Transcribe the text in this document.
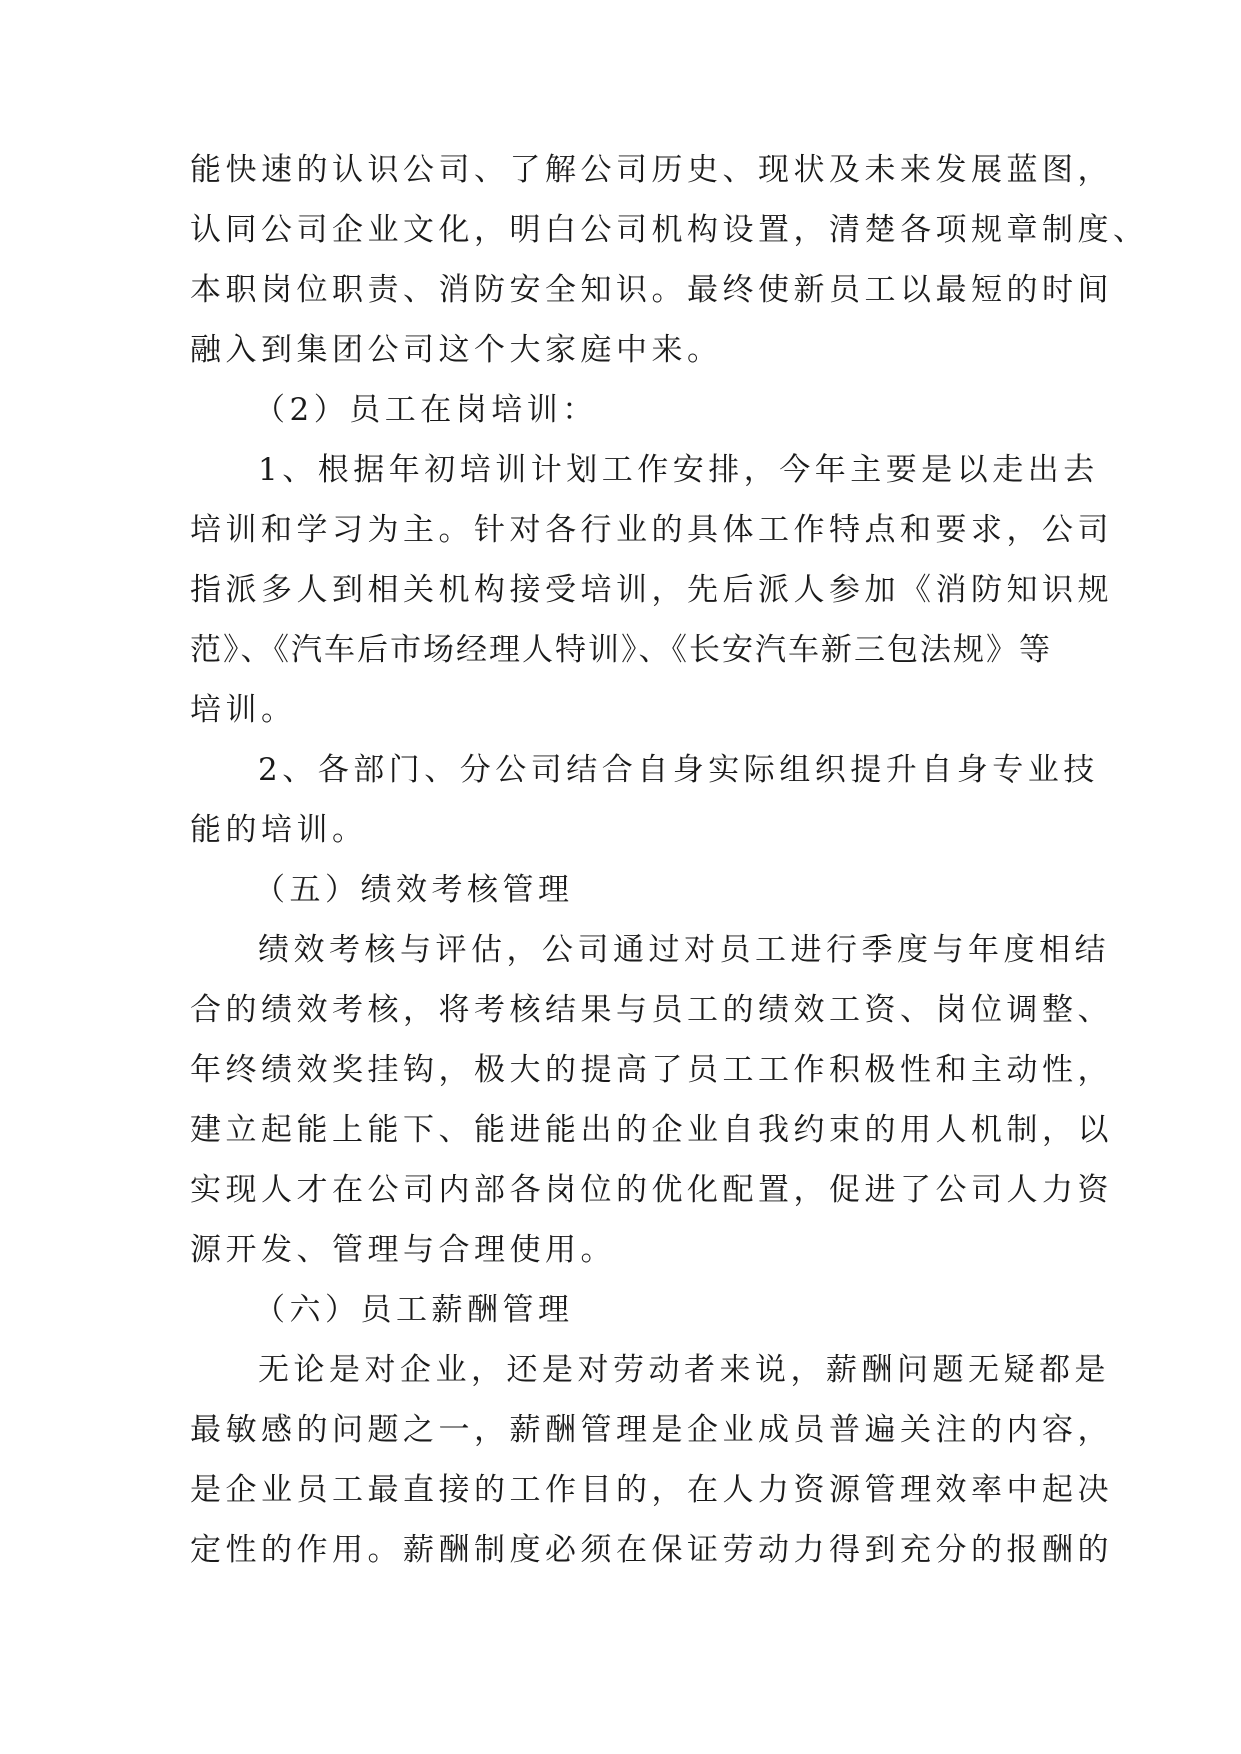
能快速的认识公司、了解公司历史、现状及未来发展蓝图，
认同公司企业文化，明白公司机构设置，清楚各项规章制度、
本职岗位职责、消防安全知识。最终使新员工以最短的时间
融入到集团公司这个大家庭中来。
（2）员工在岗培训：
1、根据年初培训计划工作安排，今年主要是以走出去
培训和学习为主。针对各行业的具体工作特点和要求，公司
指派多人到相关机构接受培训，先后派人参加《消防知识规
范》、《汽车后市场经理人特训》、《长安汽车新三包法规》等
培训。
2、各部门、分公司结合自身实际组织提升自身专业技
能的培训。
（五）绩效考核管理
绩效考核与评估，公司通过对员工进行季度与年度相结
合的绩效考核，将考核结果与员工的绩效工资、岗位调整、
年终绩效奖挂钩，极大的提高了员工工作积极性和主动性，
建立起能上能下、能进能出的企业自我约束的用人机制，以
实现人才在公司内部各岗位的优化配置，促进了公司人力资
源开发、管理与合理使用。
（六）员工薪酬管理
无论是对企业，还是对劳动者来说，薪酬问题无疑都是
最敏感的问题之一，薪酬管理是企业成员普遍关注的内容，
是企业员工最直接的工作目的，在人力资源管理效率中起决
定性的作用。薪酬制度必须在保证劳动力得到充分的报酬的
